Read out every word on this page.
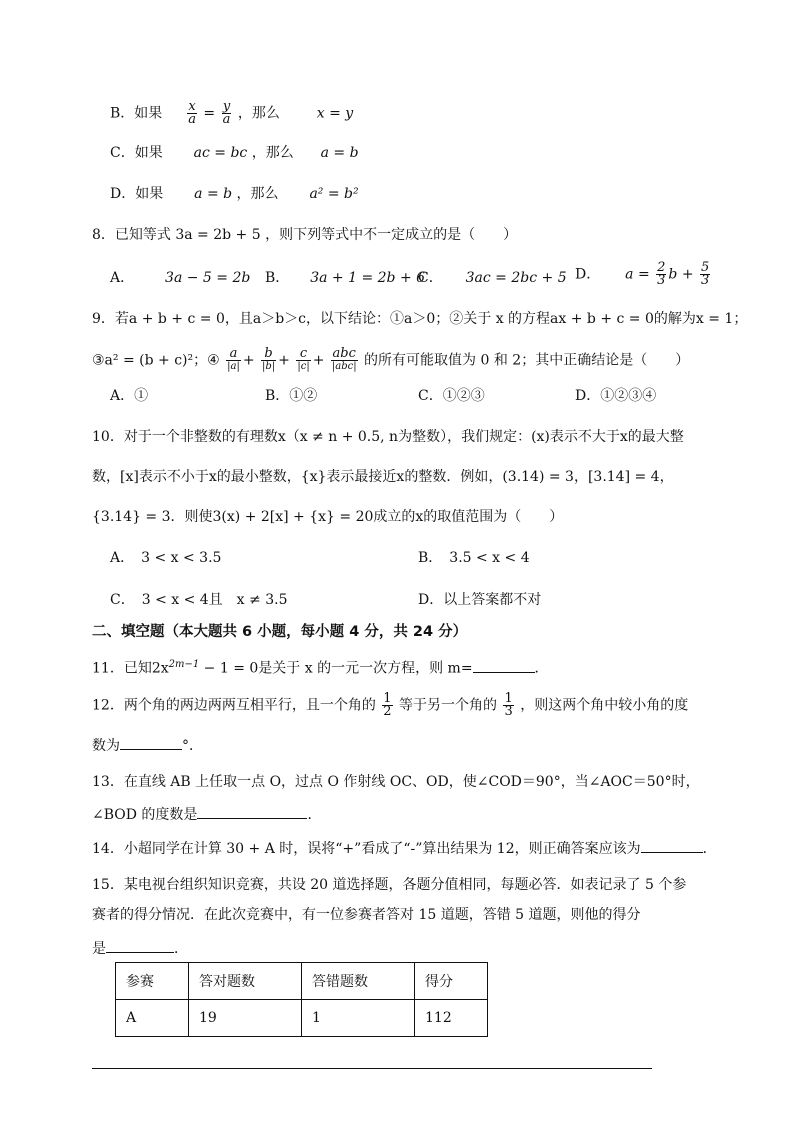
B．如果 $\frac{x}{a} = \frac{y}{a}$ ，那么	x = y
C．如果 ac = bc ，那么 a = b
D．如果 a = b ，那么 a² = b²
8．已知等式 3a = 2b + 5 ，则下列等式中不一定成立的是（　　）
A． 3a − 5 = 2b B． 3a + 1 = 2b + 6
C． 3ac = 2bc + 5 D． $a = \frac{2}{3}$ $b + \frac{5}{3}$
9．若a + b + c = 0，且a＞b＞c，以下结论：①a＞0；②关于 x 的方程ax + b + c = 0的解为x = 1；
③a² = (b + c)²；④ $\frac{a}{|a|} + \frac{b}{|b|} + \frac{c}{|c|} + \frac{\text{abc}}{\text{|abc|}}$ 的所有可能取值为 0 和 2；其中正确结论是（　　）
A．①	B．①②	C．①②③	D．①②③④
10．对于一个非整数的有理数x（x ≠ n + 0.5, n为整数），我们规定：(x)表示不大于x的最大整
数，[x]表示不小于x的最小整数，{x}表示最接近x的整数．例如，(3.14) = 3，[3.14] = 4，
{3.14} = 3．则使3(x) + 2[x] + {x} = 20成立的x的取值范围为（　　）
A．　3 < x < 3.5	B．　3.5 < x < 4
C．　3 < x < 4且　x ≠ 3.5	D．以上答案都不对
二、填空题（本大题共 6 小题，每小题 4 分，共 24 分）
11．已知$2x^{2m-1} - 1 = 0$是关于 x 的一元一次方程，则 m=	．
12．两个角的两边两两互相平行，且一个角的 $\frac{1}{2}$ 等于另一个角的 $\frac{1}{3}$ ，则这两个角中较小角的度
数为	°．
13．在直线 AB 上任取一点 O，过点 O 作射线 OC、OD，使∠COD＝90°，当∠AOC＝50°时，
∠BOD 的度数是	．
14．小超同学在计算 30 + A 时，误将“+”看成了“-”算出结果为 12，则正确答案应该为	．
15．某电视台组织知识竞赛，共设 20 道选择题，各题分值相同，每题必答．如表记录了 5 个参
赛者的得分情况．在此次竞赛中，有一位参赛者答对 15 道题，答错 5 道题，则他的得分
是	．
参赛	答对题数	答错题数	得分
A	19	1	112
